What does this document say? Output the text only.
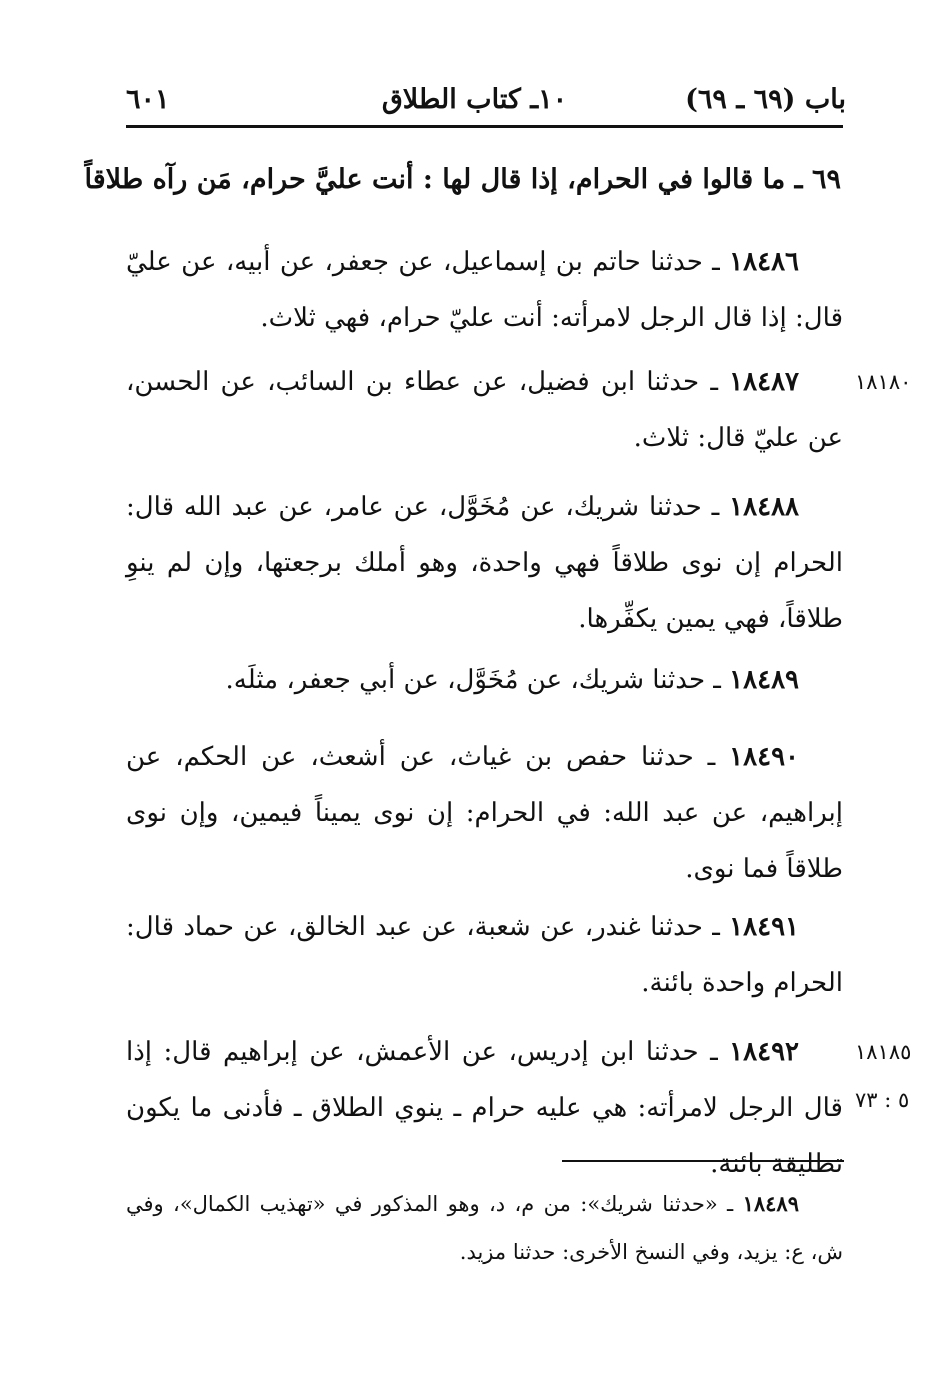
باب (٦٩ ـ ٦٩)
١٠ـ كتاب الطلاق
٦٠١
٦٩ ـ ما قالوا في الحرام، إذا قال لها : أنت عليَّ حرام، مَن رآه طلاقاً
١٨٤٨٦ ـ حدثنا حاتم بن إسماعيل، عن جعفر، عن أبيه، عن عليّ قال: إذا قال الرجل لامرأته: أنت عليّ حرام، فهي ثلاث.
١٨٤٨٧ ـ حدثنا ابن فضيل، عن عطاء بن السائب، عن الحسن، عن عليّ قال: ثلاث.
١٨١٨٠
١٨٤٨٨ ـ حدثنا شريك، عن مُخَوَّل، عن عامر، عن عبد الله قال: الحرام إن نوى طلاقاً فهي واحدة، وهو أملك برجعتها، وإن لم ينوِ طلاقاً، فهي يمين يكفِّرها.
١٨٤٨٩ ـ حدثنا شريك، عن مُخَوَّل، عن أبي جعفر، مثلَه.
١٨٤٩٠ ـ حدثنا حفص بن غياث، عن أشعث، عن الحكم، عن إبراهيم، عن عبد الله: في الحرام: إن نوى يميناً فيمين، وإن نوى طلاقاً فما نوى.
١٨٤٩١ ـ حدثنا غندر، عن شعبة، عن عبد الخالق، عن حماد قال: الحرام واحدة بائنة.
١٨٤٩٢ ـ حدثنا ابن إدريس، عن الأعمش، عن إبراهيم قال: إذا قال الرجل لامرأته: هي عليه حرام ـ ينوي الطلاق ـ فأدنى ما يكون تطليقة بائنة.
١٨١٨٥
٥ : ٧٣
١٨٤٨٩ ـ «حدثنا شريك»: من م، د، وهو المذكور في «تهذيب الكمال»، وفي ش، ع: يزيد، وفي النسخ الأخرى: حدثنا مزيد.
